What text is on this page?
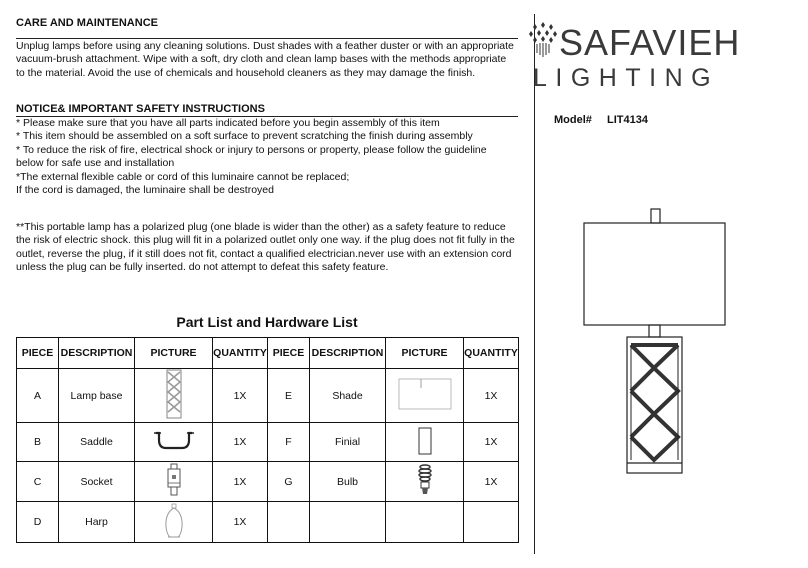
CARE AND MAINTENANCE
Unplug lamps before using any cleaning solutions. Dust shades with a feather duster or with an appropriate
vacuum-brush attachment. Wipe with a soft, dry cloth and clean lamp bases with the methods appropriate
to the material. Avoid the use of chemicals and household cleaners as they may damage the finish.
NOTICE& IMPORTANT SAFETY INSTRUCTIONS
* Please make sure that you have all parts indicated before you begin assembly of this item
* This item should be assembled on a soft surface to prevent scratching the finish during assembly
* To reduce the risk of fire, electrical shock or injury to persons or property, please follow the guideline
below for safe use and installation
*The external flexible cable or cord of this luminaire cannot be replaced;
If the cord is damaged, the luminaire shall be destroyed
**This portable lamp has a polarized plug (one blade is wider than the other) as a safety feature to reduce
the risk of electric shock. this plug will fit in a polarized outlet only one way. if the plug does not fit fully in the
outlet, reverse the plug, if it still does not fit, contact a qualified electrician.never use with an extension cord
unless the plug can be fully inserted. do not attempt to defeat this safety feature.
SAFAVIEH
LIGHTING
Model# LIT4134
Part List and Hardware List
PIECE	DESCRIPTION	PICTURE	QUANTITY	PIECE	DESCRIPTION	PICTURE	QUANTITY
A	Lamp base		1X	E	Shade		1X
B	Saddle		1X	F	Finial		1X
C	Socket		1X	G	Bulb		1X
D	Harp		1X				
